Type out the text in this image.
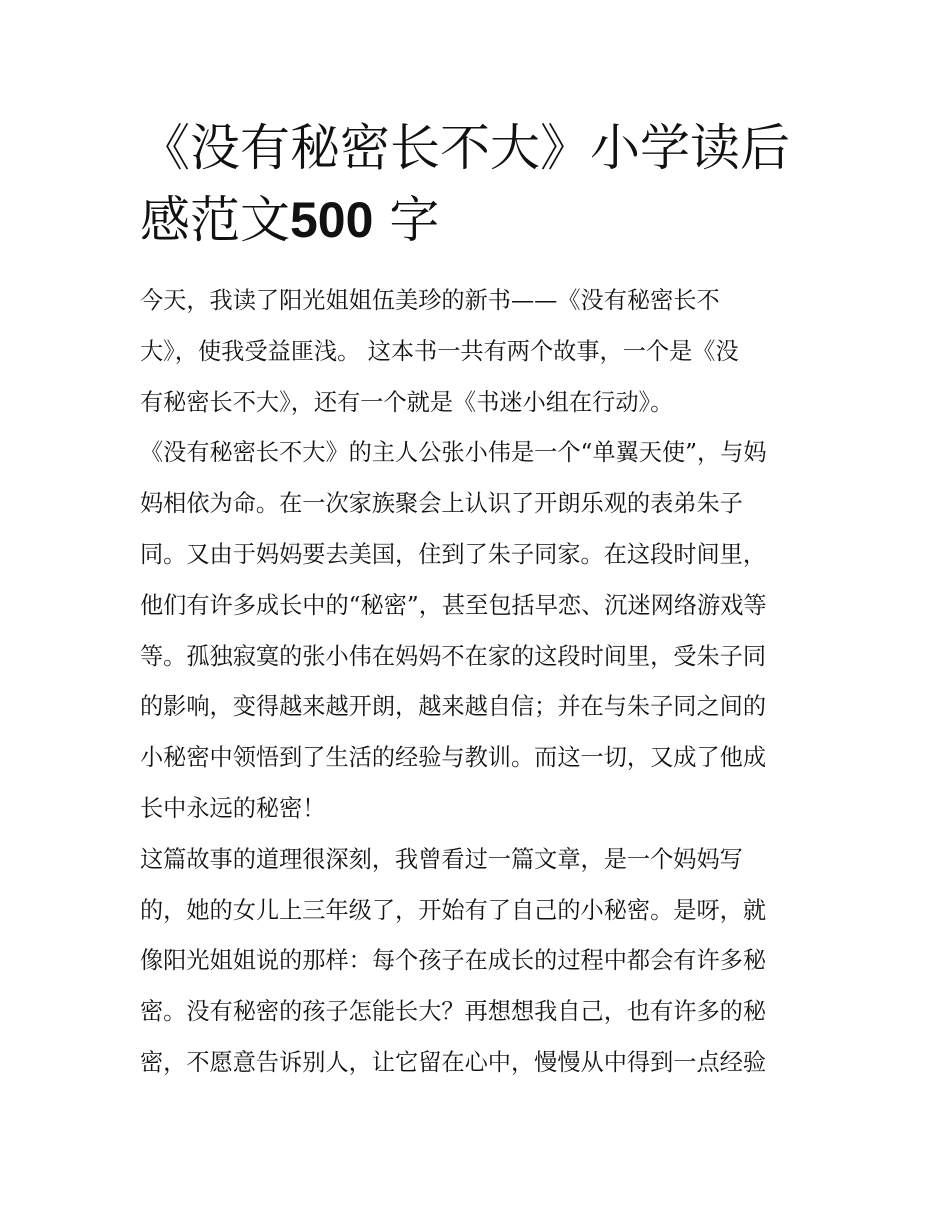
《没有秘密长不大》小学读后
感范文500 字
今天，我读了阳光姐姐伍美珍的新书——《没有秘密长不
大》，使我受益匪浅。 这本书一共有两个故事，一个是《没
有秘密长不大》，还有一个就是《书迷小组在行动》。
《没有秘密长不大》的主人公张小伟是一个“单翼天使”，与妈
妈相依为命。在一次家族聚会上认识了开朗乐观的表弟朱子
同。又由于妈妈要去美国，住到了朱子同家。在这段时间里，
他们有许多成长中的“秘密”，甚至包括早恋、沉迷网络游戏等
等。孤独寂寞的张小伟在妈妈不在家的这段时间里，受朱子同
的影响，变得越来越开朗，越来越自信；并在与朱子同之间的
小秘密中领悟到了生活的经验与教训。而这一切，又成了他成
长中永远的秘密！
这篇故事的道理很深刻，我曾看过一篇文章，是一个妈妈写
的，她的女儿上三年级了，开始有了自己的小秘密。是呀，就
像阳光姐姐说的那样：每个孩子在成长的过程中都会有许多秘
密。没有秘密的孩子怎能长大？再想想我自己，也有许多的秘
密，不愿意告诉别人，让它留在心中，慢慢从中得到一点经验
